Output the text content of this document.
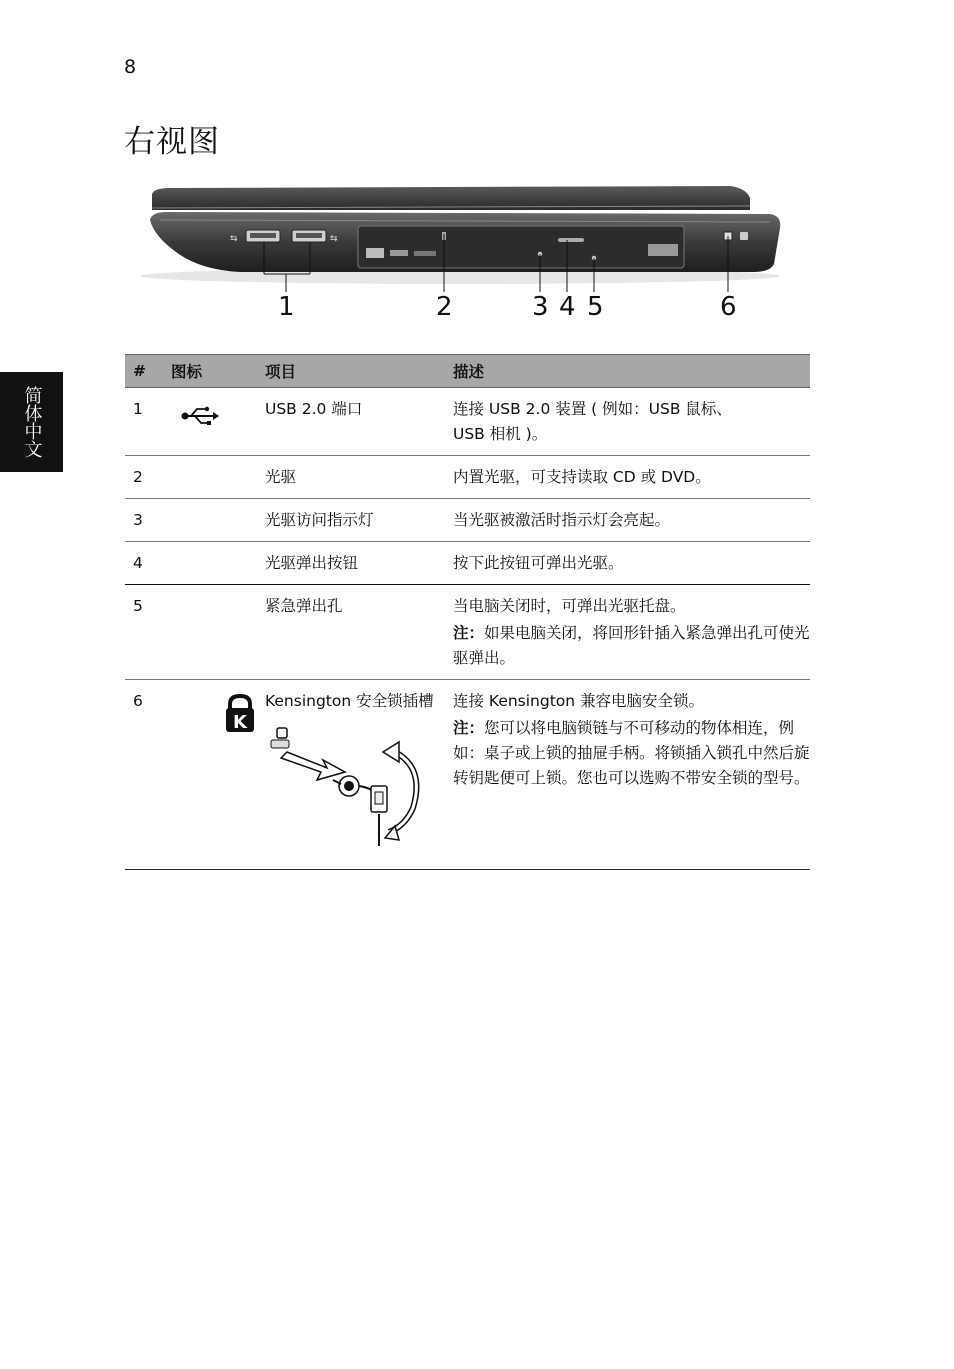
8
右视图
简体中文
⇆	⇆
1	2	3 4 5	6
#	图标	项目	描述
1		USB 2.0 端口	连接 USB 2.0 装置 ( 例如：USB 鼠标、
USB 相机 )。

2		光驱	内置光驱，可支持读取 CD 或 DVD。
3		光驱访问指示灯	当光驱被激活时指示灯会亮起。
4		光驱弹出按钮	按下此按钮可弹出光驱。
5		紧急弹出孔	当电脑关闭时，可弹出光驱托盘。
注：如果电脑关闭，将回形针插入紧急弹出孔可使光驱弹出。

6	K	Kensington 安全锁插槽	连接 Kensington 兼容电脑安全锁。
注：您可以将电脑锁链与不可移动的物体相连，例如：桌子或上锁的抽屉手柄。将锁插入锁孔中然后旋转钥匙便可上锁。您也可以选购不带安全锁的型号。
